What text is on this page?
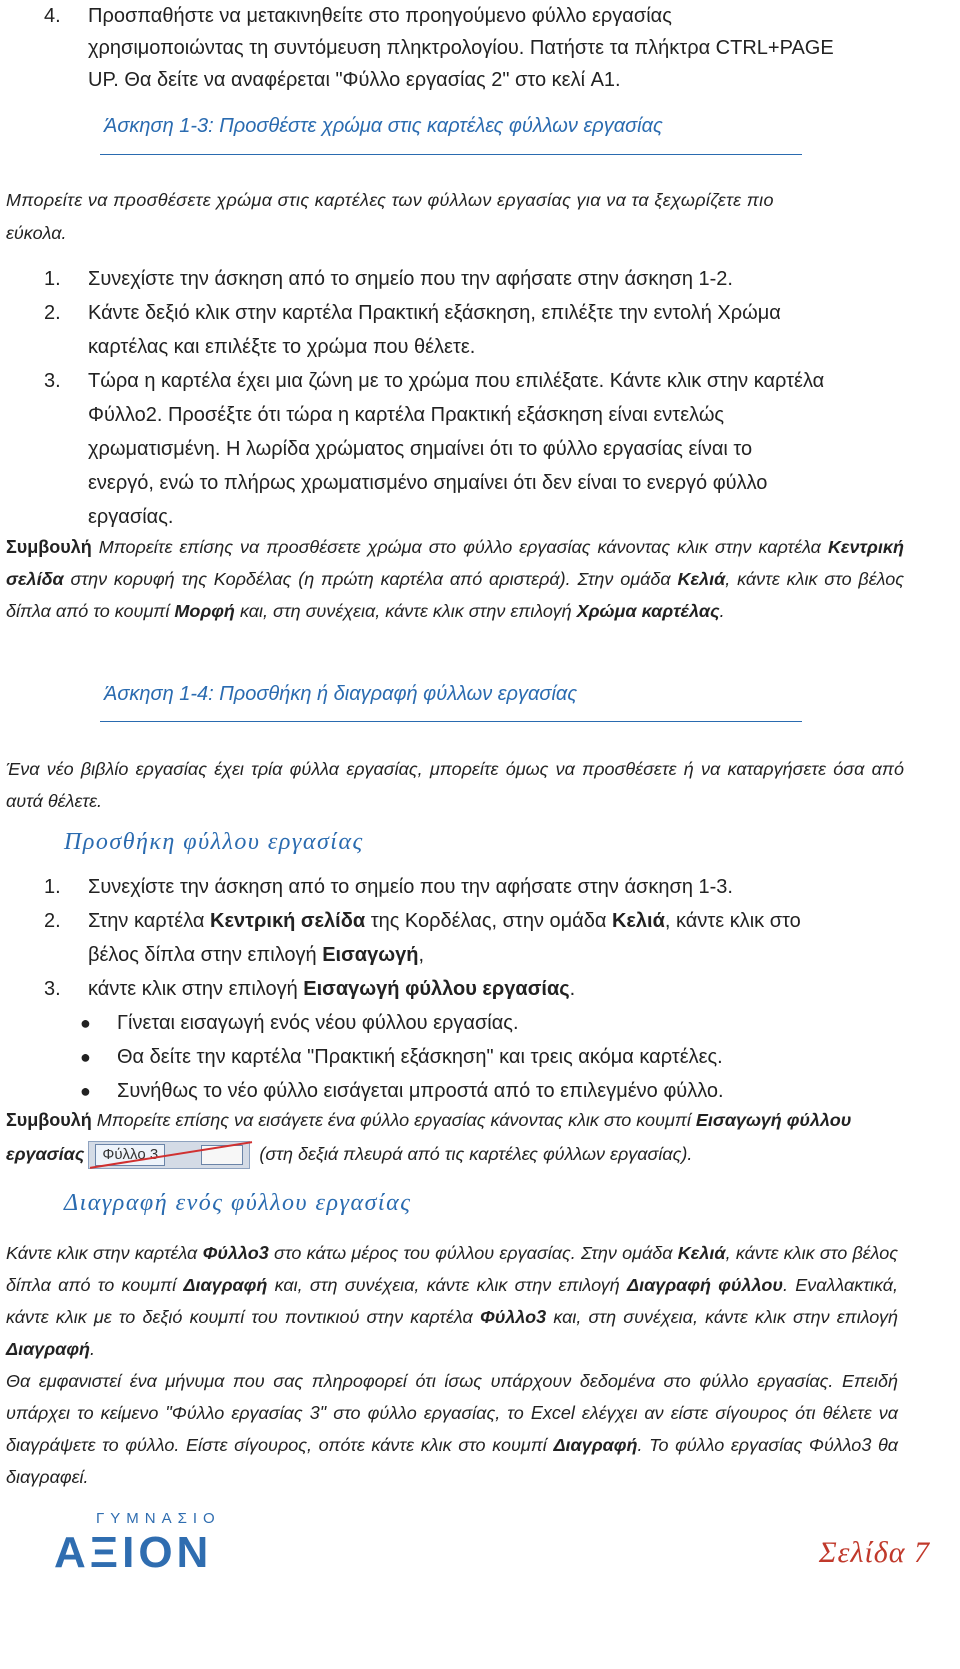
4.	Προσπαθήστε να μετακινηθείτε στο προηγούμενο φύλλο εργασίας
χρησιμοποιώντας τη συντόμευση πληκτρολογίου. Πατήστε τα πλήκτρα CTRL+PAGE
UP. Θα δείτε να αναφέρεται "Φύλλο εργασίας 2" στο κελί A1.
Άσκηση 1-3: Προσθέστε χρώμα στις καρτέλες φύλλων εργασίας
Μπορείτε να προσθέσετε χρώμα στις καρτέλες των φύλλων εργασίας για να τα ξεχωρίζετε πιο
εύκολα.
1.	Συνεχίστε την άσκηση από το σημείο που την αφήσατε στην άσκηση 1-2.
2.	Κάντε δεξιό κλικ στην καρτέλα Πρακτική εξάσκηση, επιλέξτε την εντολή Χρώμα
καρτέλας και επιλέξτε το χρώμα που θέλετε.
3.	Τώρα η καρτέλα έχει μια ζώνη με το χρώμα που επιλέξατε. Κάντε κλικ στην καρτέλα
Φύλλο2. Προσέξτε ότι τώρα η καρτέλα Πρακτική εξάσκηση είναι εντελώς
χρωματισμένη. Η λωρίδα χρώματος σημαίνει ότι το φύλλο εργασίας είναι το
ενεργό, ενώ το πλήρως χρωματισμένο σημαίνει ότι δεν είναι το ενεργό φύλλο
εργασίας.
Συμβουλή Μπορείτε επίσης να προσθέσετε χρώμα στο φύλλο εργασίας κάνοντας κλικ στην καρτέλα Κεντρική σελίδα στην κορυφή της Κορδέλας (η πρώτη καρτέλα από αριστερά). Στην ομάδα Κελιά, κάντε κλικ στο βέλος δίπλα από το κουμπί Μορφή και, στη συνέχεια, κάντε κλικ στην επιλογή Χρώμα καρτέλας.
Άσκηση 1-4: Προσθήκη ή διαγραφή φύλλων εργασίας
Ένα νέο βιβλίο εργασίας έχει τρία φύλλα εργασίας, μπορείτε όμως να προσθέσετε ή να καταργήσετε όσα από αυτά θέλετε.
Προσθήκη φύλλου εργασίας
1.	Συνεχίστε την άσκηση από το σημείο που την αφήσατε στην άσκηση 1-3.
2.	Στην καρτέλα Κεντρική σελίδα της Κορδέλας, στην ομάδα Κελιά, κάντε κλικ στο
βέλος δίπλα στην επιλογή Εισαγωγή,
3.	κάντε κλικ στην επιλογή Εισαγωγή φύλλου εργασίας.
● Γίνεται εισαγωγή ενός νέου φύλλου εργασίας.
● Θα δείτε την καρτέλα "Πρακτική εξάσκηση" και τρεις ακόμα καρτέλες.
● Συνήθως το νέο φύλλο εισάγεται μπροστά από το επιλεγμένο φύλλο.
Συμβουλή Μπορείτε επίσης να εισάγετε ένα φύλλο εργασίας κάνοντας κλικ στο κουμπί Εισαγωγή φύλλου εργασίας	Φύλλο 3	(στη δεξιά πλευρά από τις καρτέλες φύλλων εργασίας).
Διαγραφή ενός φύλλου εργασίας
Κάντε κλικ στην καρτέλα Φύλλο3 στο κάτω μέρος του φύλλου εργασίας. Στην ομάδα Κελιά, κάντε κλικ στο βέλος δίπλα από το κουμπί Διαγραφή και, στη συνέχεια, κάντε κλικ στην επιλογή Διαγραφή φύλλου. Εναλλακτικά, κάντε κλικ με το δεξιό κουμπί του ποντικιού στην καρτέλα Φύλλο3 και, στη συνέχεια, κάντε κλικ στην επιλογή Διαγραφή.
Θα εμφανιστεί ένα μήνυμα που σας πληροφορεί ότι ίσως υπάρχουν δεδομένα στο φύλλο εργασίας. Επειδή υπάρχει το κείμενο "Φύλλο εργασίας 3" στο φύλλο εργασίας, το Excel ελέγχει αν είστε σίγουρος ότι θέλετε να διαγράψετε το φύλλο. Είστε σίγουρος, οπότε κάντε κλικ στο κουμπί Διαγραφή. Το φύλλο εργασίας Φύλλο3 θα διαγραφεί.
ΓΥΜΝΑΣΙΟ
ΑΞΙΟΝ	Σελίδα 7
